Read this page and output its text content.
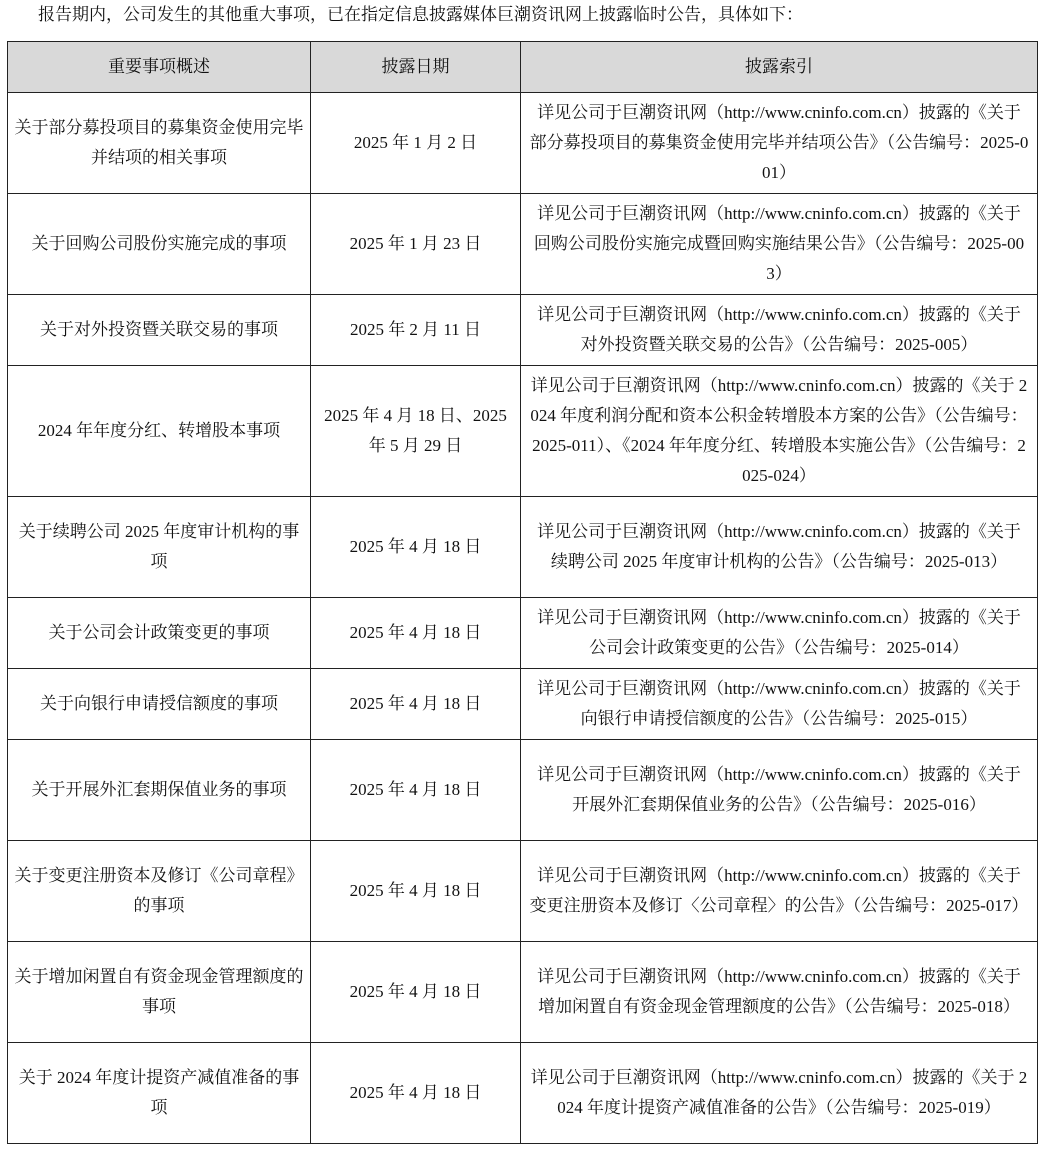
报告期内，公司发生的其他重大事项，已在指定信息披露媒体巨潮资讯网上披露临时公告，具体如下：
重要事项概述	披露日期	披露索引
关于部分募投项目的募集资金使用完毕并结项的相关事项	2025 年 1 月 2 日	详见公司于巨潮资讯网（http://www.cninfo.com.cn）披露的《关于部分募投项目的募集资金使用完毕并结项公告》（公告编号：2025-001）
关于回购公司股份实施完成的事项	2025 年 1 月 23 日	详见公司于巨潮资讯网（http://www.cninfo.com.cn）披露的《关于回购公司股份实施完成暨回购实施结果公告》（公告编号：2025-003）
关于对外投资暨关联交易的事项	2025 年 2 月 11 日	详见公司于巨潮资讯网（http://www.cninfo.com.cn）披露的《关于对外投资暨关联交易的公告》（公告编号：2025-005）
2024 年年度分红、转增股本事项	2025 年 4 月 18 日、2025 年 5 月 29 日	详见公司于巨潮资讯网（http://www.cninfo.com.cn）披露的《关于 2024 年度利润分配和资本公积金转增股本方案的公告》（公告编号：2025-011）、《2024 年年度分红、转增股本实施公告》（公告编号：2025-024）
关于续聘公司 2025 年度审计机构的事项	2025 年 4 月 18 日	详见公司于巨潮资讯网（http://www.cninfo.com.cn）披露的《关于续聘公司 2025 年度审计机构的公告》（公告编号：2025-013）
关于公司会计政策变更的事项	2025 年 4 月 18 日	详见公司于巨潮资讯网（http://www.cninfo.com.cn）披露的《关于公司会计政策变更的公告》（公告编号：2025-014）
关于向银行申请授信额度的事项	2025 年 4 月 18 日	详见公司于巨潮资讯网（http://www.cninfo.com.cn）披露的《关于向银行申请授信额度的公告》（公告编号：2025-015）
关于开展外汇套期保值业务的事项	2025 年 4 月 18 日	详见公司于巨潮资讯网（http://www.cninfo.com.cn）披露的《关于开展外汇套期保值业务的公告》（公告编号：2025-016）
关于变更注册资本及修订《公司章程》的事项	2025 年 4 月 18 日	详见公司于巨潮资讯网（http://www.cninfo.com.cn）披露的《关于变更注册资本及修订〈公司章程〉的公告》（公告编号：2025-017）
关于增加闲置自有资金现金管理额度的事项	2025 年 4 月 18 日	详见公司于巨潮资讯网（http://www.cninfo.com.cn）披露的《关于增加闲置自有资金现金管理额度的公告》（公告编号：2025-018）
关于 2024 年度计提资产减值准备的事项	2025 年 4 月 18 日	详见公司于巨潮资讯网（http://www.cninfo.com.cn）披露的《关于 2024 年度计提资产减值准备的公告》（公告编号：2025-019）
